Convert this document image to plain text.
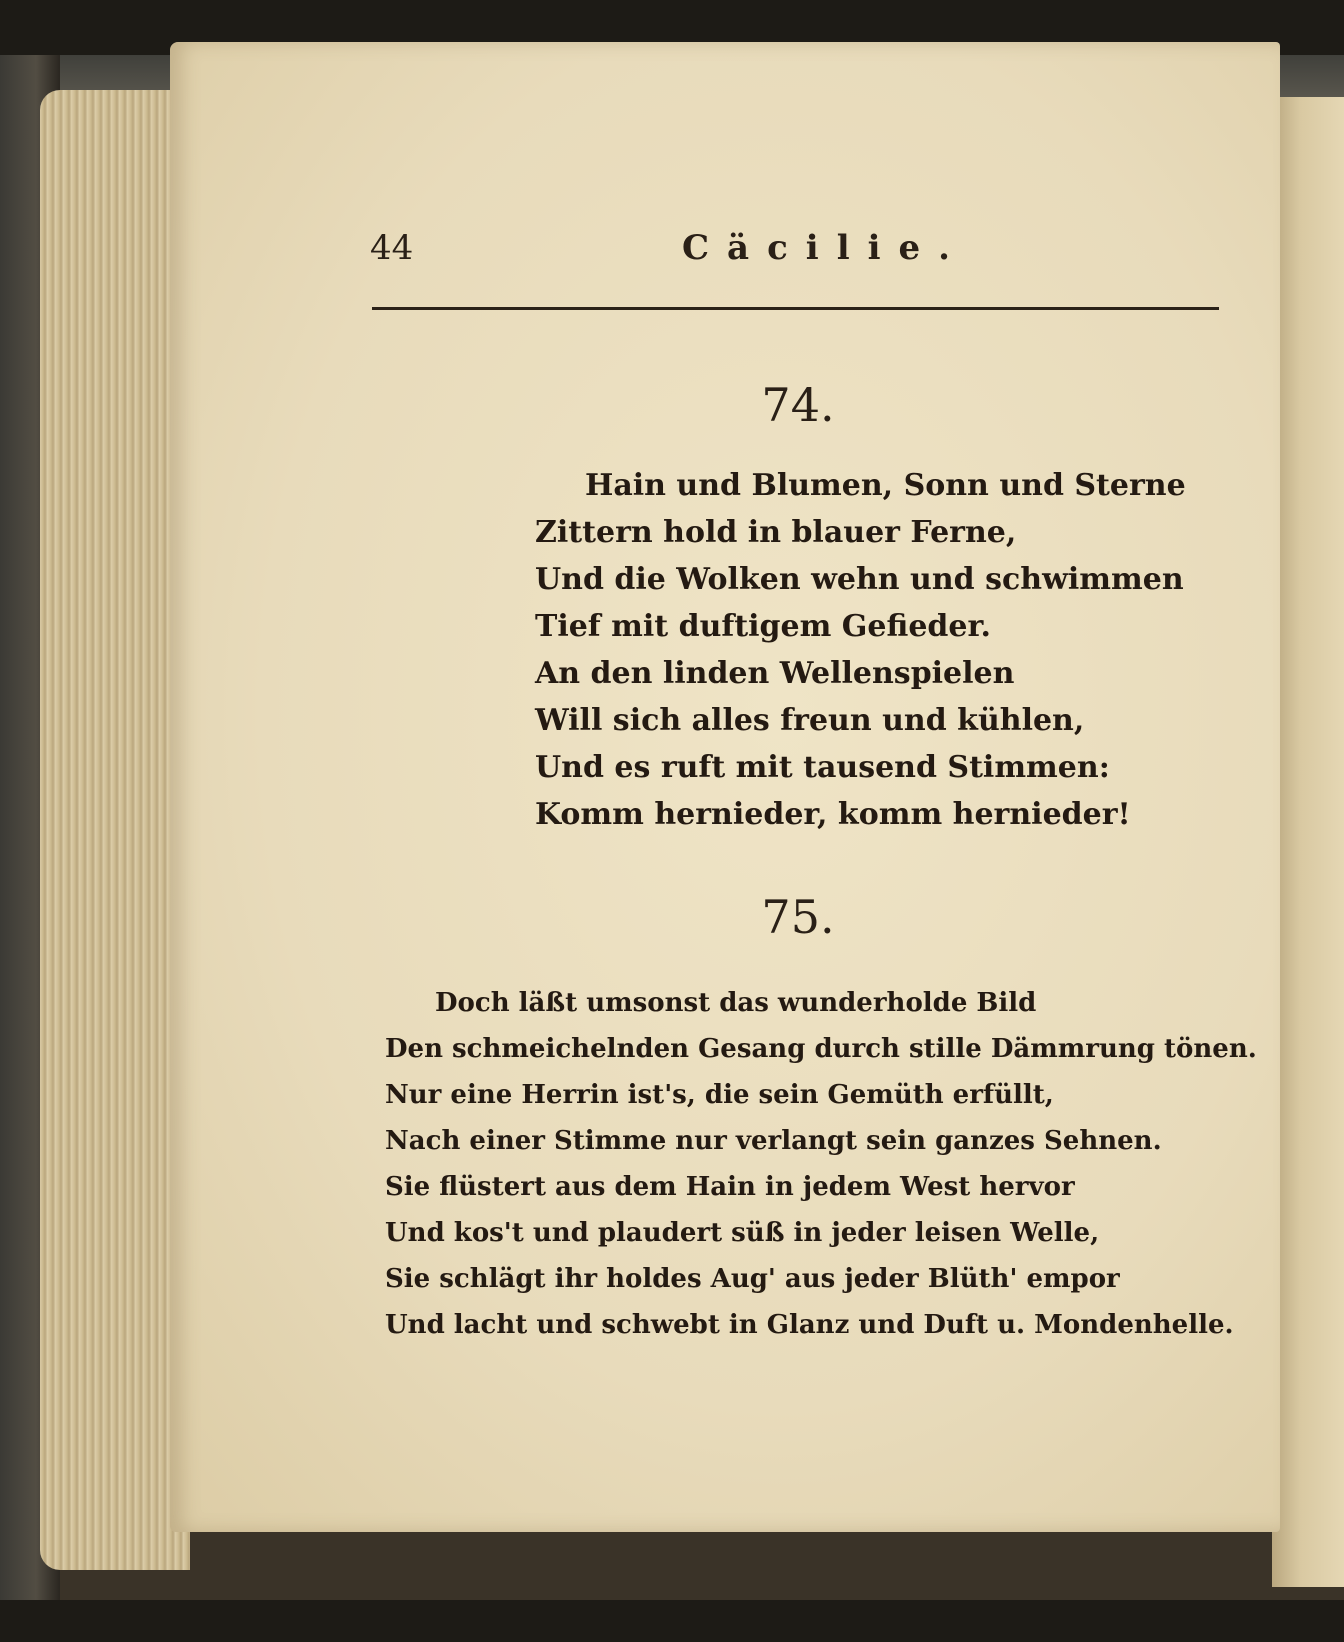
44	Cäcilie.
74.
Hain und Blumen, Sonn und Sterne
Zittern hold in blauer Ferne,
Und die Wolken wehn und schwimmen
Tief mit duftigem Gefieder.
An den linden Wellenspielen
Will sich alles freun und kühlen,
Und es ruft mit tausend Stimmen:
Komm hernieder, komm hernieder!
75.
Doch läßt umsonst das wunderholde Bild
Den schmeichelnden Gesang durch stille Dämmrung tönen.
Nur eine Herrin ist's, die sein Gemüth erfüllt,
Nach einer Stimme nur verlangt sein ganzes Sehnen.
Sie flüstert aus dem Hain in jedem West hervor
Und kos't und plaudert süß in jeder leisen Welle,
Sie schlägt ihr holdes Aug' aus jeder Blüth' empor
Und lacht und schwebt in Glanz und Duft u. Mondenhelle.
